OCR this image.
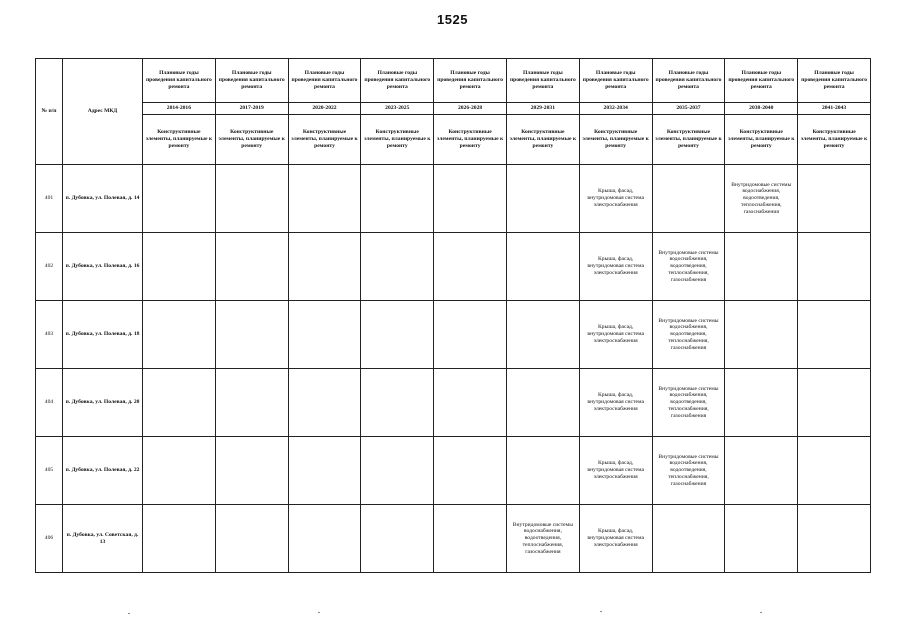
1525
№ п/п	Адрес МКД	Плановые годы проведения капитального ремонта	Плановые годы проведения капитального ремонта	Плановые годы проведения капитального ремонта	Плановые годы проведения капитального ремонта	Плановые годы проведения капитального ремонта	Плановые годы проведения капитального ремонта	Плановые годы проведения капитального ремонта	Плановые годы проведения капитального ремонта	Плановые годы проведения капитального ремонта	Плановые годы проведения капитального ремонта
		2014-2016	2017-2019	2020-2022	2023-2025	2026-2028	2029-2031	2032-2034	2035-2037	2038-2040	2041-2043
		Конструктивные элементы, планируемые к ремонту	Конструктивные элементы, планируемые к ремонту	Конструктивные элементы, планируемые к ремонту	Конструктивные элементы, планируемые к ремонту	Конструктивные элементы, планируемые к ремонту	Конструктивные элементы, планируемые к ремонту	Конструктивные элементы, планируемые к ремонту	Конструктивные элементы, планируемые к ремонту	Конструктивные элементы, планируемые к ремонту	Конструктивные элементы, планируемые к ремонту
401	п. Дубовка, ул. Полевая, д. 14							Крыша, фасад, внутридомовая система электроснабжения		Внутридомовые системы водоснабжения, водоотведения, теплоснабжения, газоснабжения	
402	п. Дубовка, ул. Полевая, д. 16							Крыша, фасад, внутридомовая система электроснабжения	Внутридомовые системы водоснабжения, водоотведения, теплоснабжения, газоснабжения		
403	п. Дубовка, ул. Полевая, д. 18							Крыша, фасад, внутридомовая система электроснабжения	Внутридомовые системы водоснабжения, водоотведения, теплоснабжения, газоснабжения		
404	п. Дубовка, ул. Полевая, д. 20							Крыша, фасад, внутридомовая система электроснабжения	Внутридомовые системы водоснабжения, водоотведения, теплоснабжения, газоснабжения		
405	п. Дубовка, ул. Полевая, д. 22							Крыша, фасад, внутридомовая система электроснабжения	Внутридомовые системы водоснабжения, водоотведения, теплоснабжения, газоснабжения		
406	п. Дубовка, ул. Советская, д. 13						Внутридомовые системы водоснабжения, водоотведения, теплоснабжения, газоснабжения	Крыша, фасад, внутридомовая система электроснабжения			
